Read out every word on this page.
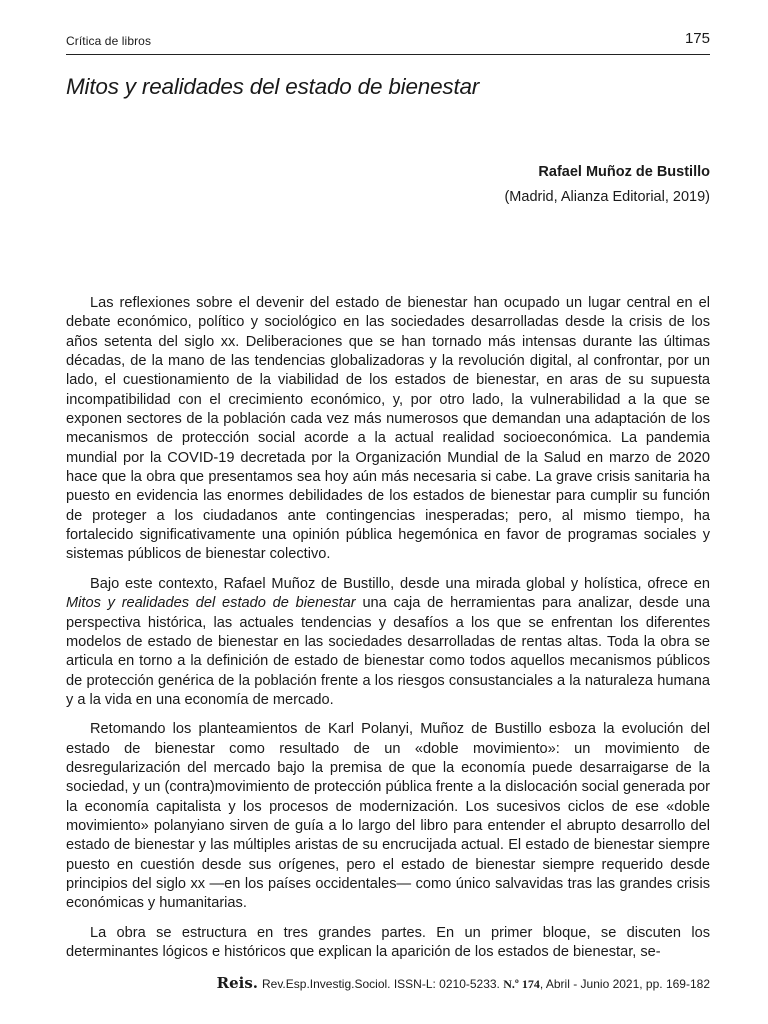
Crítica de libros	175
Mitos y realidades del estado de bienestar
Rafael Muñoz de Bustillo
(Madrid, Alianza Editorial, 2019)

Las reflexiones sobre el devenir del estado de bienestar han ocupado un lugar central en el debate económico, político y sociológico en las sociedades desarrolladas desde la crisis de los años setenta del siglo xx. Deliberaciones que se han tornado más intensas durante las últimas décadas, de la mano de las tendencias globalizadoras y la revolución digital, al confrontar, por un lado, el cuestionamiento de la viabilidad de los estados de bienestar, en aras de su supuesta incompatibilidad con el crecimiento económico, y, por otro lado, la vulnerabilidad a la que se exponen sectores de la población cada vez más numerosos que demandan una adaptación de los mecanismos de protección social acorde a la actual realidad socioeconómica. La pandemia mundial por la COVID-19 decretada por la Organización Mundial de la Salud en marzo de 2020 hace que la obra que presentamos sea hoy aún más necesaria si cabe. La grave crisis sanitaria ha puesto en evidencia las enormes debilidades de los estados de bienestar para cumplir su función de proteger a los ciudadanos ante contingencias inesperadas; pero, al mismo tiempo, ha fortalecido significativamente una opinión pública hegemónica en favor de programas sociales y sistemas públicos de bienestar colectivo.

Bajo este contexto, Rafael Muñoz de Bustillo, desde una mirada global y holística, ofrece en Mitos y realidades del estado de bienestar una caja de herramientas para analizar, desde una perspectiva histórica, las actuales tendencias y desafíos a los que se enfrentan los diferentes modelos de estado de bienestar en las sociedades desarrolladas de rentas altas. Toda la obra se articula en torno a la definición de estado de bienestar como todos aquellos mecanismos públicos de protección genérica de la población frente a los riesgos consustanciales a la naturaleza humana y a la vida en una economía de mercado.

Retomando los planteamientos de Karl Polanyi, Muñoz de Bustillo esboza la evolución del estado de bienestar como resultado de un «doble movimiento»: un movimiento de desregularización del mercado bajo la premisa de que la economía puede desarraigarse de la sociedad, y un (contra)movimiento de protección pública frente a la dislocación social generada por la economía capitalista y los procesos de modernización. Los sucesivos ciclos de ese «doble movimiento» polanyiano sirven de guía a lo largo del libro para entender el abrupto desarrollo del estado de bienestar y las múltiples aristas de su encrucijada actual. El estado de bienestar siempre puesto en cuestión desde sus orígenes, pero el estado de bienestar siempre requerido desde principios del siglo xx —en los países occidentales— como único salvavidas tras las grandes crisis económicas y humanitarias.

La obra se estructura en tres grandes partes. En un primer bloque, se discuten los determinantes lógicos e históricos que explican la aparición de los estados de bienestar, se-

Reis. Rev.Esp.Investig.Sociol. ISSN-L: 0210-5233. N.º 174, Abril - Junio 2021, pp. 169-182
